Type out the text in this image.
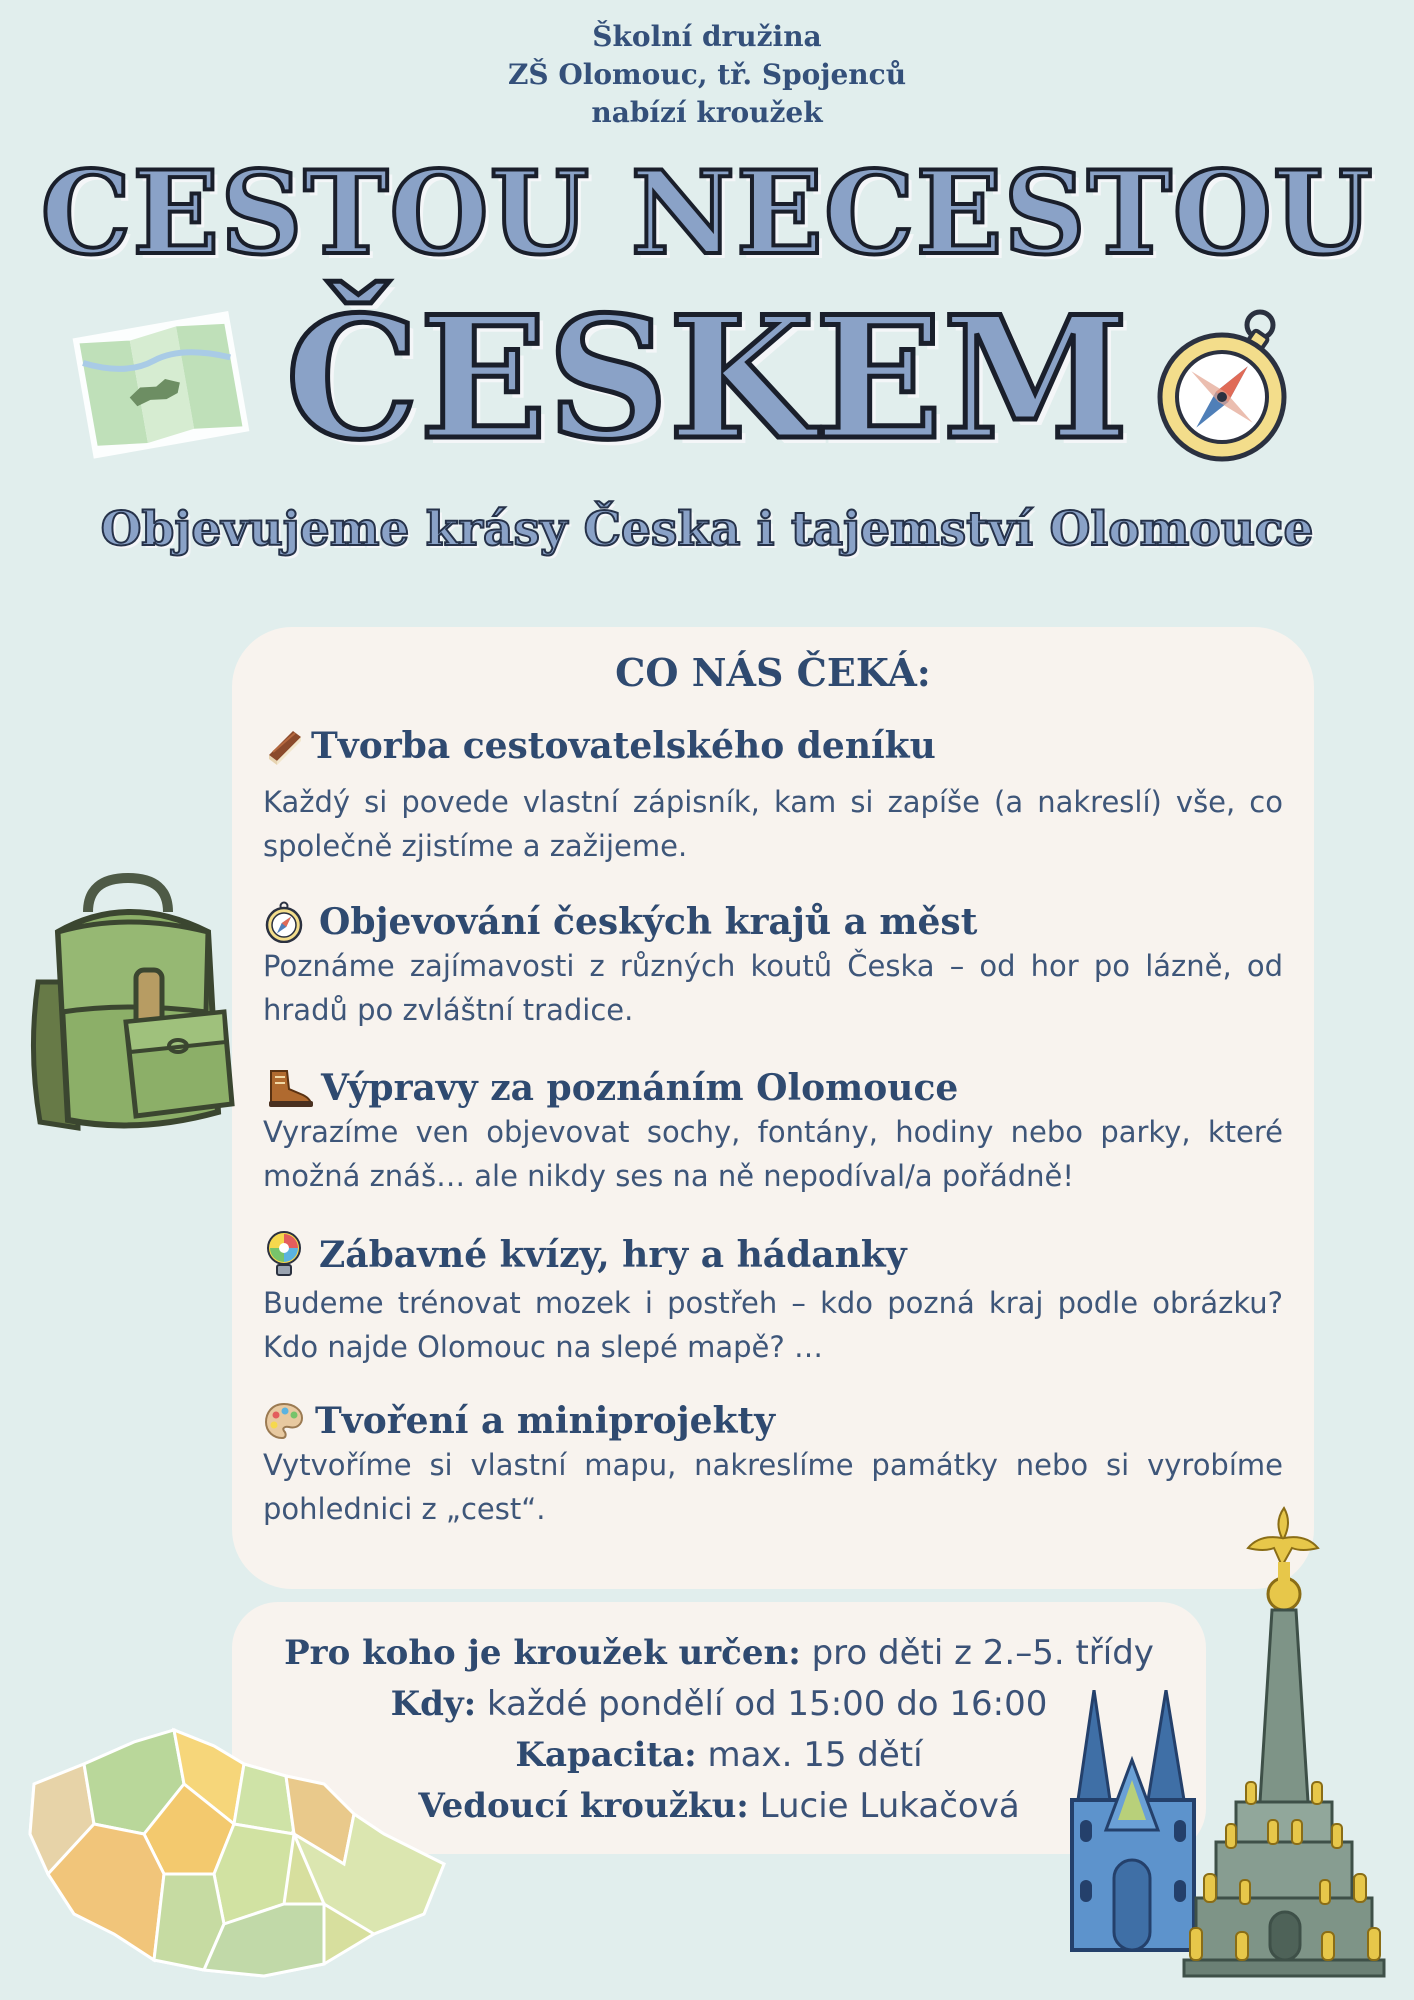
Školní družina
ZŠ Olomouc, tř. Spojenců
nabízí kroužek
CESTOU NECESTOU
ČESKEM
Objevujeme krásy Česka i tajemství Olomouce
CO NÁS ČEKÁ:
Tvorba cestovatelského deníku
Každý si povede vlastní zápisník, kam si zapíše (a nakreslí) vše, co společně zjistíme a zažijeme.
Objevování českých krajů a měst
Poznáme zajímavosti z různých koutů Česka – od hor po lázně, od hradů po zvláštní tradice.
Výpravy za poznáním Olomouce
Vyrazíme ven objevovat sochy, fontány, hodiny nebo parky, které možná znáš… ale nikdy ses na ně nepodíval/a pořádně!
Zábavné kvízy, hry a hádanky
Budeme trénovat mozek i postřeh – kdo pozná kraj podle obrázku? Kdo najde Olomouc na slepé mapě? …
Tvoření a miniprojekty
Vytvoříme si vlastní mapu, nakreslíme památky nebo si vyrobíme pohlednici z „cest“.
Pro koho je kroužek určen: pro děti z 2.–5. třídy
Kdy: každé pondělí od 15:00 do 16:00
Kapacita: max. 15 dětí
Vedoucí kroužku: Lucie Lukačová
